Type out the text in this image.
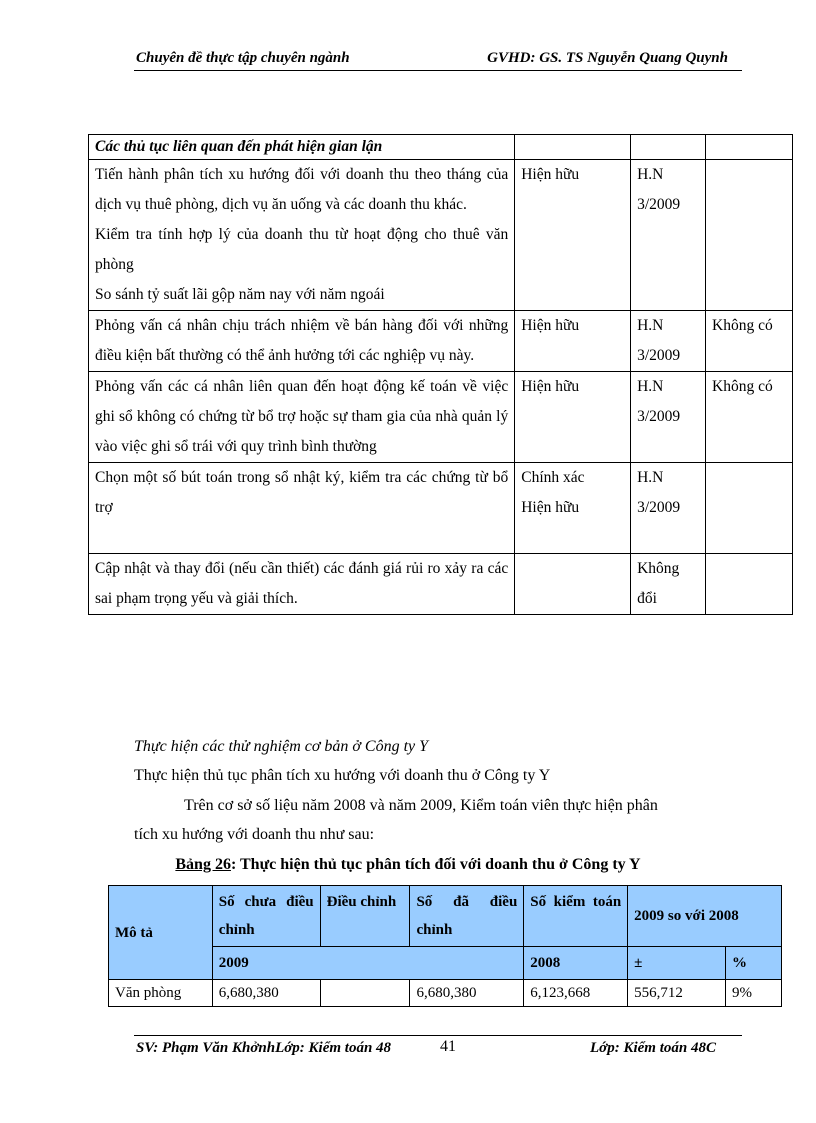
Chuyên đề thực tập chuyên ngành	GVHD: GS. TS Nguyễn Quang Quynh
Các thủ tục liên quan đến phát hiện gian lận			

Tiến hành phân tích xu hướng đối với doanh thu theo tháng của dịch vụ thuê phòng, dịch vụ ăn uống và các doanh thu khác.
Kiểm tra tính hợp lý của doanh thu từ hoạt động cho thuê văn phòng
So sánh tỷ suất lãi gộp năm nay với năm ngoái	Hiện hữu	H.N
3/2009	

Phỏng vấn cá nhân chịu trách nhiệm về bán hàng đối với những điều kiện bất thường có thể ảnh hưởng tới các nghiệp vụ này.	Hiện hữu	H.N
3/2009	Không có

Phỏng vấn các cá nhân liên quan đến hoạt động kế toán về việc ghi sổ không có chứng từ bổ trợ hoặc sự tham gia của nhà quản lý vào việc ghi sổ trái với quy trình bình thường	Hiện hữu	H.N
3/2009	Không có

Chọn một số bút toán trong sổ nhật ký, kiểm tra các chứng từ bổ trợ	Chính xác
Hiện hữu	H.N
3/2009	

Cập nhật và thay đổi (nếu cần thiết) các đánh giá rủi ro xảy ra các sai phạm trọng yếu và giải thích.		Không
đổi	

Thực hiện các thử nghiệm cơ bản ở Công ty Y
Thực hiện thủ tục phân tích xu hướng với doanh thu ở Công ty Y
Trên cơ sở số liệu năm 2008 và năm 2009, Kiểm toán viên thực hiện phân
tích xu hướng với doanh thu như sau:
Bảng 26: Thực hiện thủ tục phân tích đối với doanh thu ở Công ty Y
Mô tả	Số chưa điều chỉnh	Điều chỉnh	Số đã điều chỉnh	Số kiểm toán	2009 so với 2008	
	2009			2008	±	%
Văn phòng	6,680,380		6,680,380	6,123,668	556,712	9%
SV: Phạm Văn KhởnhLớp: Kiểm toán 48	41	Lớp: Kiểm toán 48C
